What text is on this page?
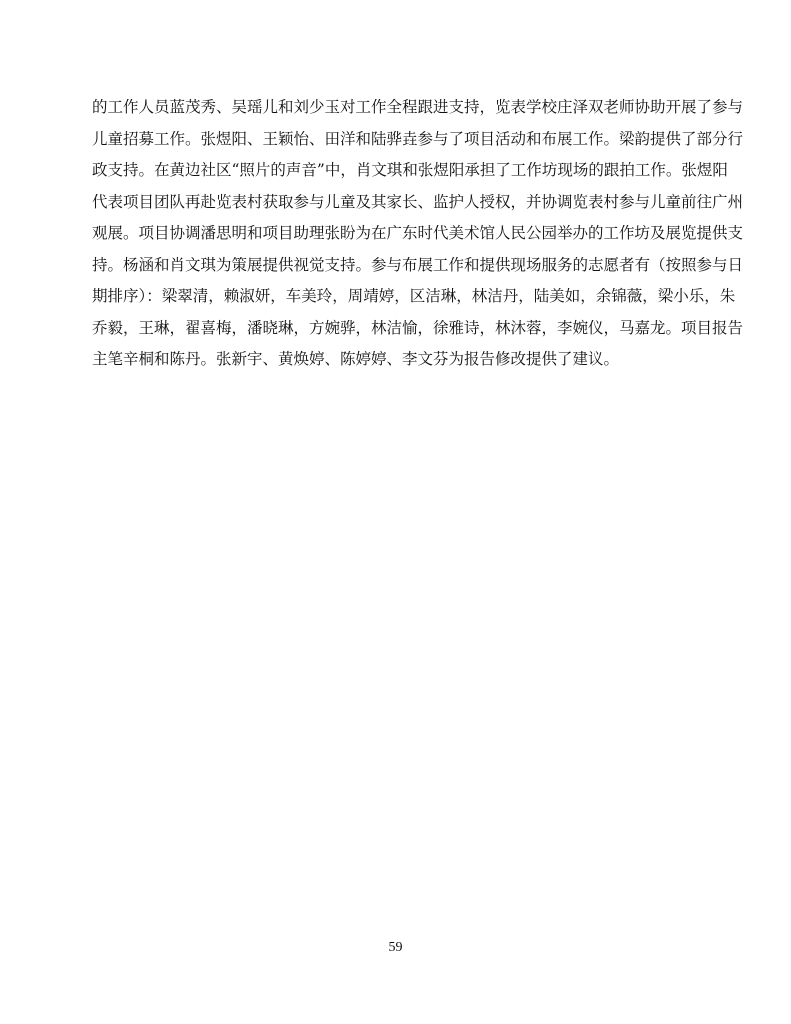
的工作人员蓝茂秀、吴瑶儿和刘少玉对工作全程跟进支持，览表学校庄泽双老师协助开展了参与
儿童招募工作。张煜阳、王颖怡、田洋和陆骅垚参与了项目活动和布展工作。梁韵提供了部分行
政支持。在黄边社区“照片的声音”中，肖文琪和张煜阳承担了工作坊现场的跟拍工作。张煜阳
代表项目团队再赴览表村获取参与儿童及其家长、监护人授权，并协调览表村参与儿童前往广州
观展。项目协调潘思明和项目助理张盼为在广东时代美术馆人民公园举办的工作坊及展览提供支
持。杨涵和肖文琪为策展提供视觉支持。参与布展工作和提供现场服务的志愿者有（按照参与日
期排序）：梁翠清，赖淑妍，车美玲，周靖婷，区洁琳，林洁丹，陆美如，余锦薇，梁小乐，朱
乔毅，王琳，翟喜梅，潘晓琳，方婉骅，林洁愉，徐雅诗，林沐蓉，李婉仪，马嘉龙。项目报告
主笔辛桐和陈丹。张新宇、黄焕婷、陈婷婷、李文芬为报告修改提供了建议。
59
